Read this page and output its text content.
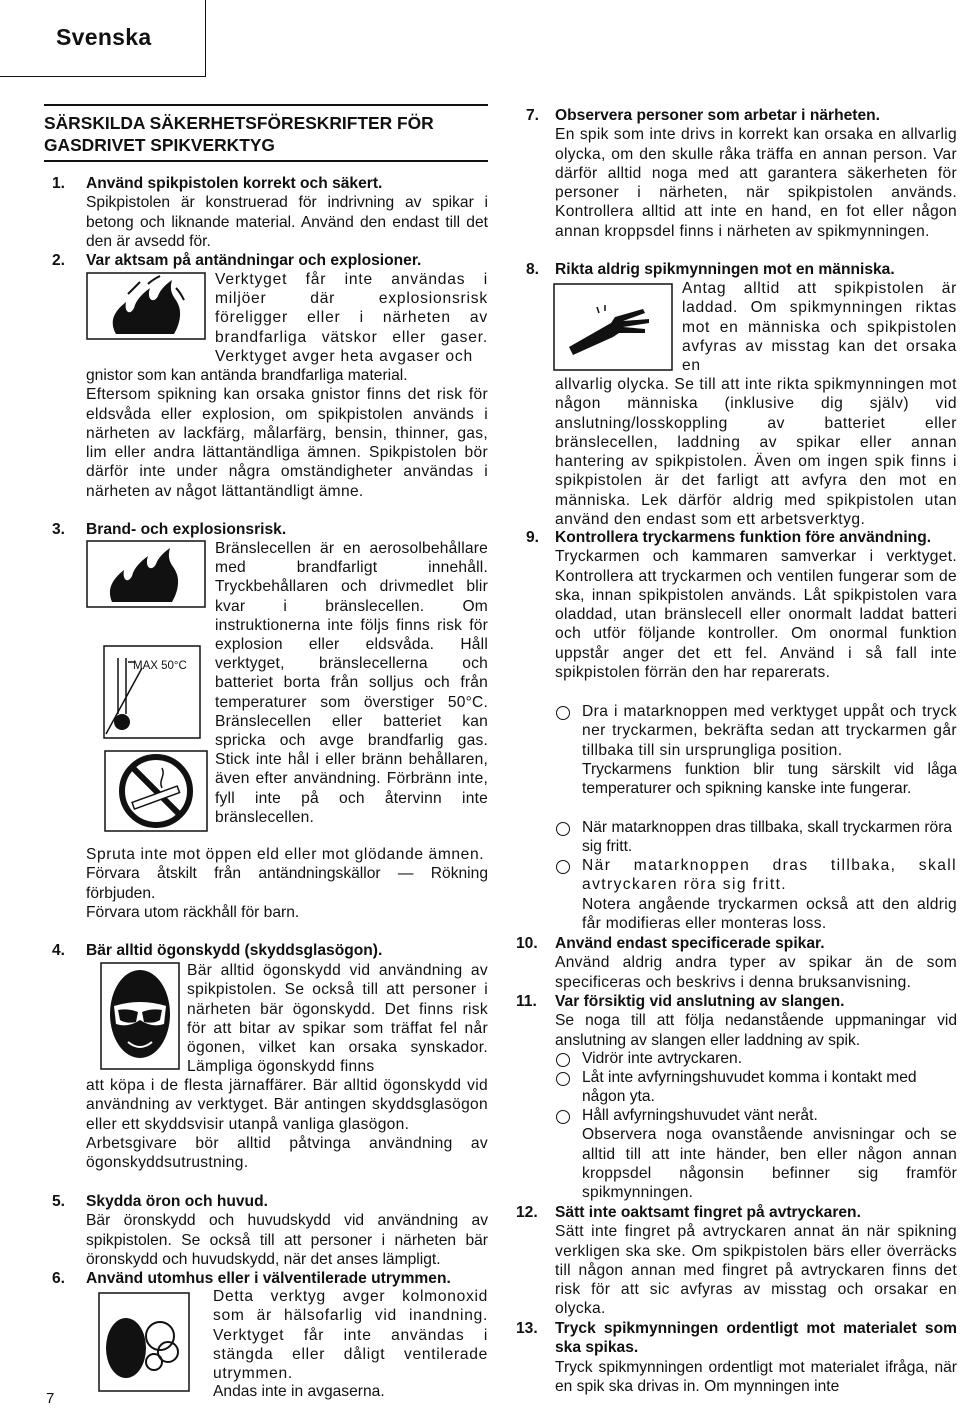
Svenska
SÄRSKILDA SÄKERHETSFÖRESKRIFTER FÖR GASDRIVET SPIKVERKTYG
1. Använd spikpistolen korrekt och säkert.

Spikpistolen är konstruerad för indrivning av spikar i betong och liknande material. Använd den endast till det den är avsedd för.

2. Var aktsam på antändningar och explosioner.

Verktyget får inte användas i miljöer där explosionsrisk föreligger eller i närheten av brandfarliga vätskor eller gaser. Verktyget avger heta avgaser och

gnistor som kan antända brandfarliga material.

Eftersom spikning kan orsaka gnistor finns det risk för eldsvåda eller explosion, om spikpistolen används i närheten av lackfärg, målarfärg, bensin, thinner, gas, lim eller andra lättantändliga ämnen. Spikpistolen bör därför inte under några omständigheter användas i närheten av något lättantändligt ämne.

3. Brand- och explosionsrisk.

MAX 50°C
Bränslecellen är en aerosolbehållare med brandfarligt innehåll. Tryckbehållaren och drivmedlet blir kvar i bränslecellen. Om instruktionerna inte följs finns risk för explosion eller eldsvåda. Håll verktyget, bränslecellerna och batteriet borta från solljus och från temperaturer som överstiger 50°C. Bränslecellen eller batteriet kan spricka och avge brandfarlig gas. Stick inte hål i eller bränn behållaren, även efter användning. Förbränn inte, fyll inte på och återvinn inte bränslecellen.

Spruta inte mot öppen eld eller mot glödande ämnen.

Förvara åtskilt från antändningskällor — Rökning förbjuden.

Förvara utom räckhåll för barn.

4. Bär alltid ögonskydd (skyddsglasögon).

Bär alltid ögonskydd vid användning av spikpistolen. Se också till att personer i närheten bär ögonskydd. Det finns risk för att bitar av spikar som träffat fel når ögonen, vilket kan orsaka synskador. Lämpliga ögonskydd finns

att köpa i de flesta järnaffärer. Bär alltid ögonskydd vid användning av verktyget. Bär antingen skyddsglasögon eller ett skyddsvisir utanpå vanliga glasögon.

Arbetsgivare bör alltid påtvinga användning av ögonskyddsutrustning.

5. Skydda öron och huvud.

Bär öronskydd och huvudskydd vid användning av spikpistolen. Se också till att personer i närheten bär öronskydd och huvudskydd, när det anses lämpligt.

6. Använd utomhus eller i välventilerade utrymmen.

Detta verktyg avger kolmonoxid som är hälsofarlig vid inandning. Verktyget får inte användas i stängda eller dåligt ventilerade utrymmen.
Andas inte in avgaserna.
7
7. Observera personer som arbetar i närheten.

En spik som inte drivs in korrekt kan orsaka en allvarlig olycka, om den skulle råka träffa en annan person. Var därför alltid noga med att garantera säkerheten för personer i närheten, när spikpistolen används. Kontrollera alltid att inte en hand, en fot eller någon annan kroppsdel finns i närheten av spikmynningen.

8. Rikta aldrig spikmynningen mot en människa.

Antag alltid att spikpistolen är laddad. Om spikmynningen riktas mot en människa och spikpistolen avfyras av misstag kan det orsaka en
allvarlig olycka. Se till att inte rikta spikmynningen mot någon människa (inklusive dig själv) vid anslutning/losskoppling av batteriet eller bränslecellen, laddning av spikar eller annan hantering av spikpistolen. Även om ingen spik finns i spikpistolen är det farligt att avfyra den mot en människa. Lek därför aldrig med spikpistolen utan använd den endast som ett arbetsverktyg.
9. Kontrollera tryckarmens funktion före användning.

Tryckarmen och kammaren samverkar i verktyget. Kontrollera att tryckarmen och ventilen fungerar som de ska, innan spikpistolen används. Låt spikpistolen vara oladdad, utan bränslecell eller onormalt laddat batteri och utför följande kontroller. Om onormal funktion uppstår anger det ett fel. Använd i så fall inte spikpistolen förrän den har reparerats.

Dra i matarknoppen med verktyget uppåt och tryck ner tryckarmen, bekräfta sedan att tryckarmen går tillbaka till sin ursprungliga position.

Tryckarmens funktion blir tung särskilt vid låga temperaturer och spikning kanske inte fungerar.

När matarknoppen dras tillbaka, skall tryckarmen röra sig fritt.

När matarknoppen dras tillbaka, skall avtryckaren röra sig fritt.

Notera angående tryckarmen också att den aldrig får modifieras eller monteras loss.

10. Använd endast specificerade spikar.

Använd aldrig andra typer av spikar än de som specificeras och beskrivs i denna bruksanvisning.

11. Var försiktig vid anslutning av slangen.

Se noga till att följa nedanstående uppmaningar vid anslutning av slangen eller laddning av spik.

Vidrör inte avtryckaren.
Låt inte avfyrningshuvudet komma i kontakt med någon yta.

Håll avfyrningshuvudet vänt neråt.

Observera noga ovanstående anvisningar och se alltid till att inte händer, ben eller någon annan kroppsdel någonsin befinner sig framför spikmynningen.

12. Sätt inte oaktsamt fingret på avtryckaren.

Sätt inte fingret på avtryckaren annat än när spikning verkligen ska ske. Om spikpistolen bärs eller överräcks till någon annan med fingret på avtryckaren finns det risk för att sic avfyras av misstag och orsakar en olycka.

13. Tryck spikmynningen ordentligt mot materialet som ska spikas.

Tryck spikmynningen ordentligt mot materialet ifråga, när en spik ska drivas in. Om mynningen inte
